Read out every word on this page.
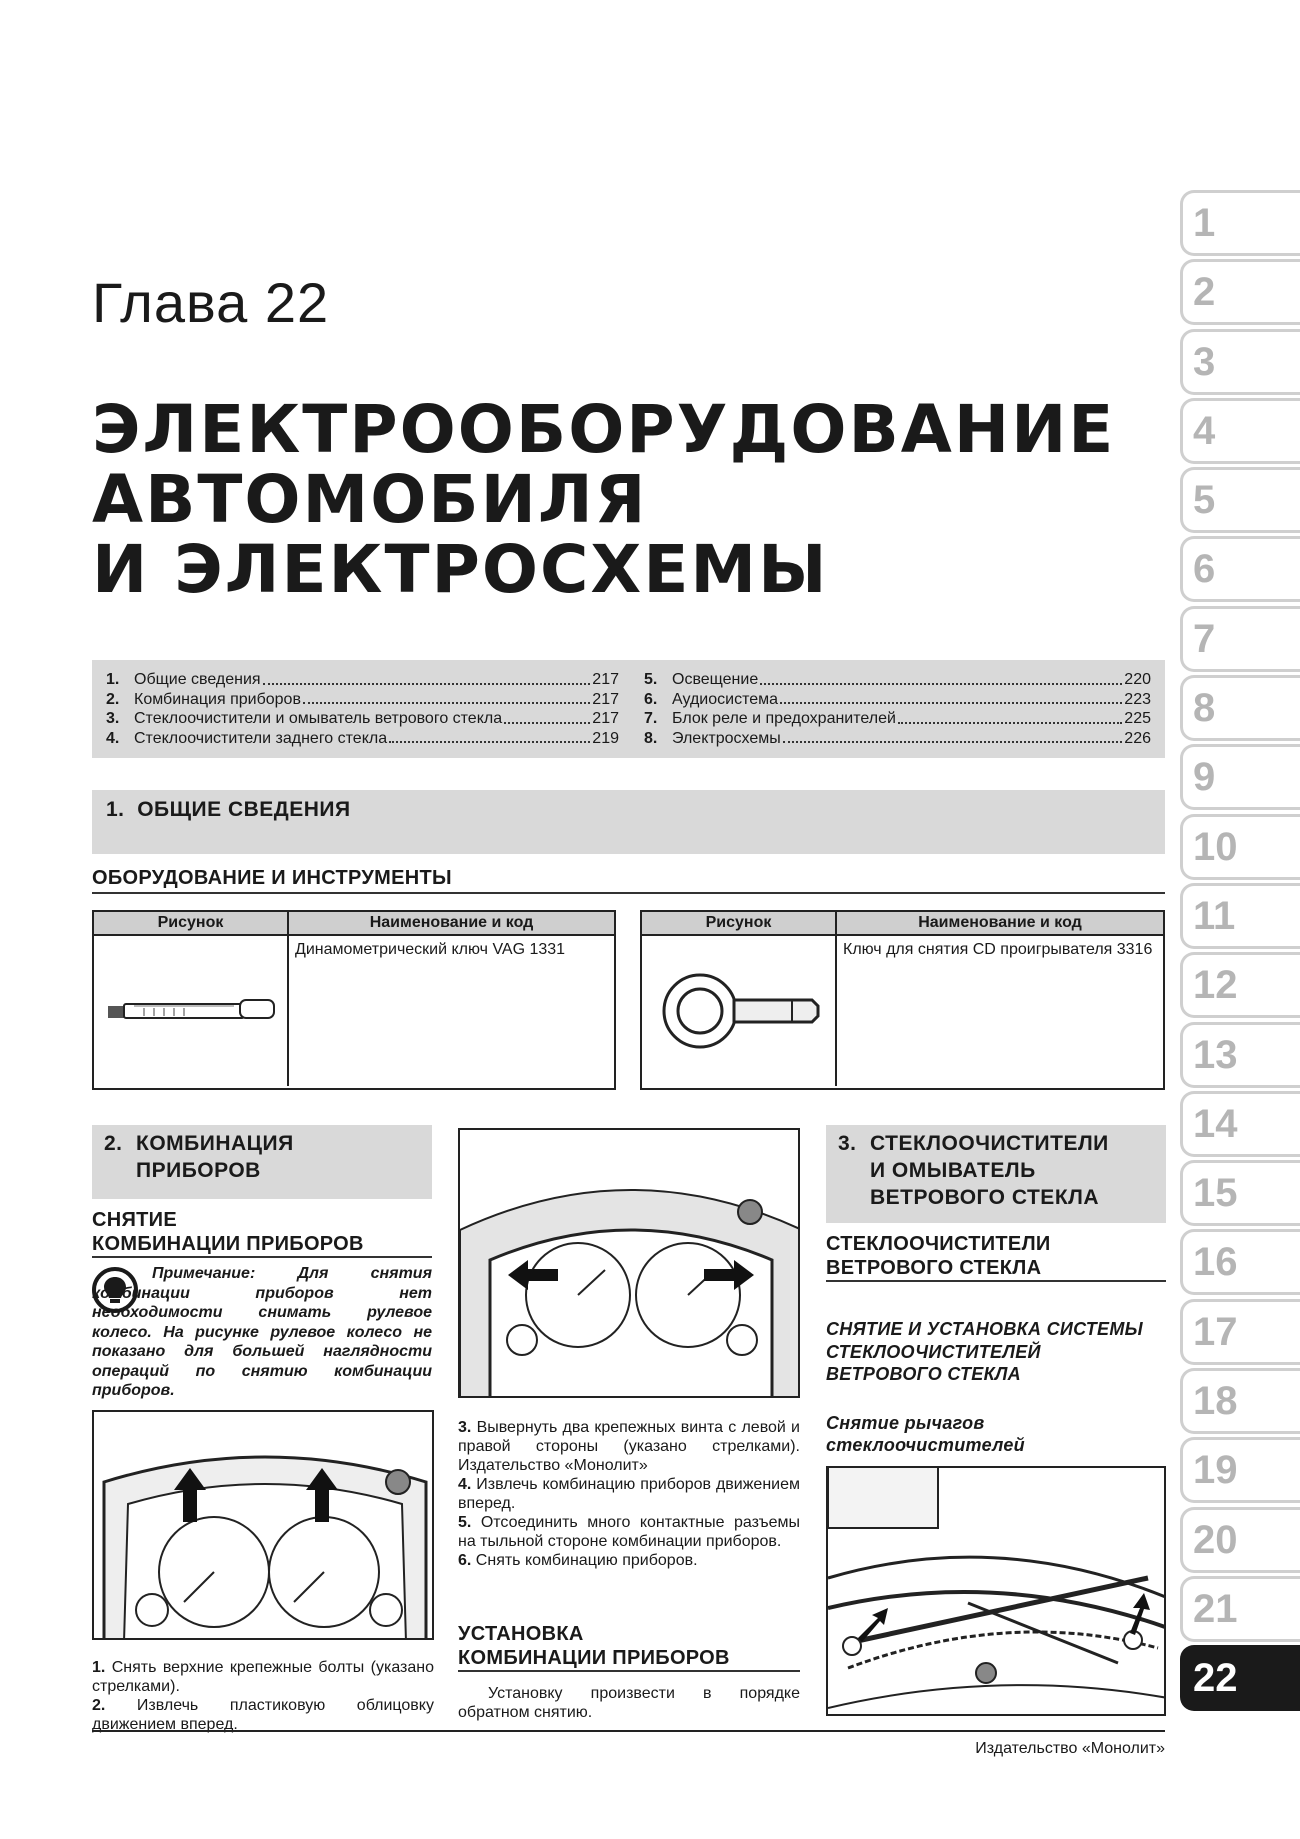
1
2
3
4
5
6
7
8
9
10
11
12
13
14
15
16
17
18
19
20
21
22
Глава 22
ЭЛЕКТРООБОРУДОВАНИЕ
АВТОМОБИЛЯ
И ЭЛЕКТРОСХЕМЫ
1. Общие сведения	217
2. Комбинация приборов	217
3. Стеклоочистители и омыватель ветрового стекла	217
4. Стеклоочистители заднего стекла	219
5. Освещение	220
6. Аудиосистема	223
7. Блок реле и предохранителей	225
8. Электросхемы	226
1. ОБЩИЕ СВЕДЕНИЯ
ОБОРУДОВАНИЕ И ИНСТРУМЕНТЫ
Рисунок	Наименование и код
Динамометрический ключ VAG 1331
Рисунок	Наименование и код
Ключ для снятия CD проигрывателя 3316
2. КОМБИНАЦИЯ
ПРИБОРОВ
СНЯТИЕ
КОМБИНАЦИИ ПРИБОРОВ
Примечание:	Для снятия комбинации приборов нет необходимости снимать рулевое колесо. На рисунке рулевое колесо не показано для большей наглядности операций по снятию комбинации приборов.
1. Снять верхние крепежные болты (указано стрелками).
2. Извлечь пластиковую облицовку движением вперед.
3. Вывернуть два крепежных винта с левой и правой стороны (указано стрелками). Издательство «Монолит»
4. Извлечь комбинацию приборов движением вперед.
5. Отсоединить много контактные разъемы на тыльной стороне комбинации приборов.
6. Снять комбинацию приборов.
УСТАНОВКА
КОМБИНАЦИИ ПРИБОРОВ
Установку произвести в порядке обратном снятию.
3. СТЕКЛООЧИСТИТЕЛИ
И ОМЫВАТЕЛЬ
ВЕТРОВОГО СТЕКЛА
СТЕКЛООЧИСТИТЕЛИ
ВЕТРОВОГО СТЕКЛА
СНЯТИЕ И УСТАНОВКА СИСТЕМЫ
СТЕКЛООЧИСТИТЕЛЕЙ
ВЕТРОВОГО СТЕКЛА
Снятие рычагов
стеклоочистителей
Издательство «Монолит»
